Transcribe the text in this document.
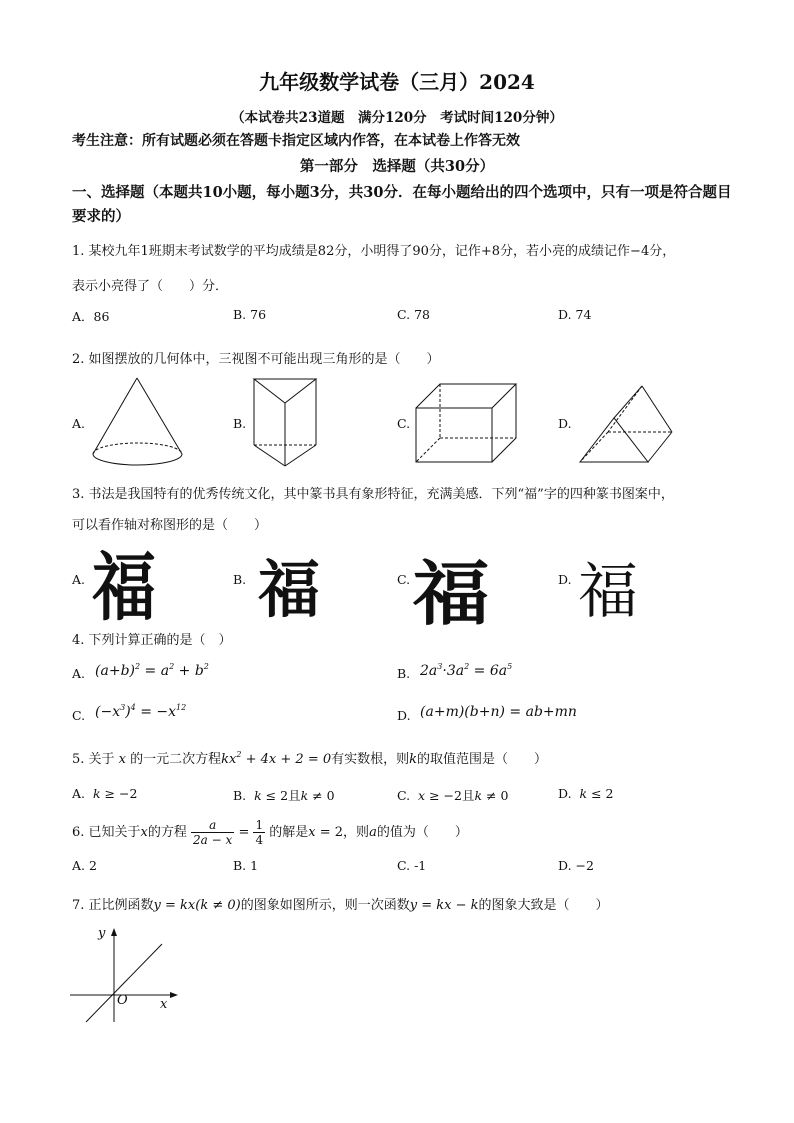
九年级数学试卷（三月）2024
（本试卷共23道题　满分120分　考试时间120分钟）
考生注意：所有试题必须在答题卡指定区域内作答，在本试卷上作答无效
第一部分　选择题（共30分）
一、选择题（本题共10小题，每小题3分，共30分．在每小题给出的四个选项中，只有一项是符合题目要求的）
1. 某校九年1班期末考试数学的平均成绩是82分，小明得了90分，记作+8分，若小亮的成绩记作−4分，
表示小亮得了（　　）分．
A．86	B. 76	C. 78	D. 74
2. 如图摆放的几何体中，三视图不可能出现三角形的是（　　）
A.	B.	C.	D.
3. 书法是我国特有的优秀传统文化，其中篆书具有象形特征，充满美感．下列“福”字的四种篆书图案中，
可以看作轴对称图形的是（　　）
A.	B.	C.	D.
福 福 福 福
4. 下列计算正确的是（　）
A. $(a+b)^2 = a^2 + b^2$	B. $2a^3\cdot 3a^2 = 6a^5$
C. $(-x^3)^4 = -x^{12}$
D. (a+m)(b+n) = ab+mn
5. 关于 x 的一元二次方程$kx^2 + 4x + 2 = 0$有实数根，则k的取值范围是（　　）
A. k ≥ −2	B. k ≤ 2且k ≠ 0	C. x ≥ −2且k ≠ 0	D. k ≤ 2
6. 已知关于x的方程 $\frac{a}{2a - x} = \frac{1}{4}$ 的解是x = 2，则a的值为（　　）
A. 2	B. 1	C. -1	D. −2
7. 正比例函数y = kx(k ≠ 0)的图象如图所示，则一次函数y = kx − k的图象大致是（　　）
y
x
O
